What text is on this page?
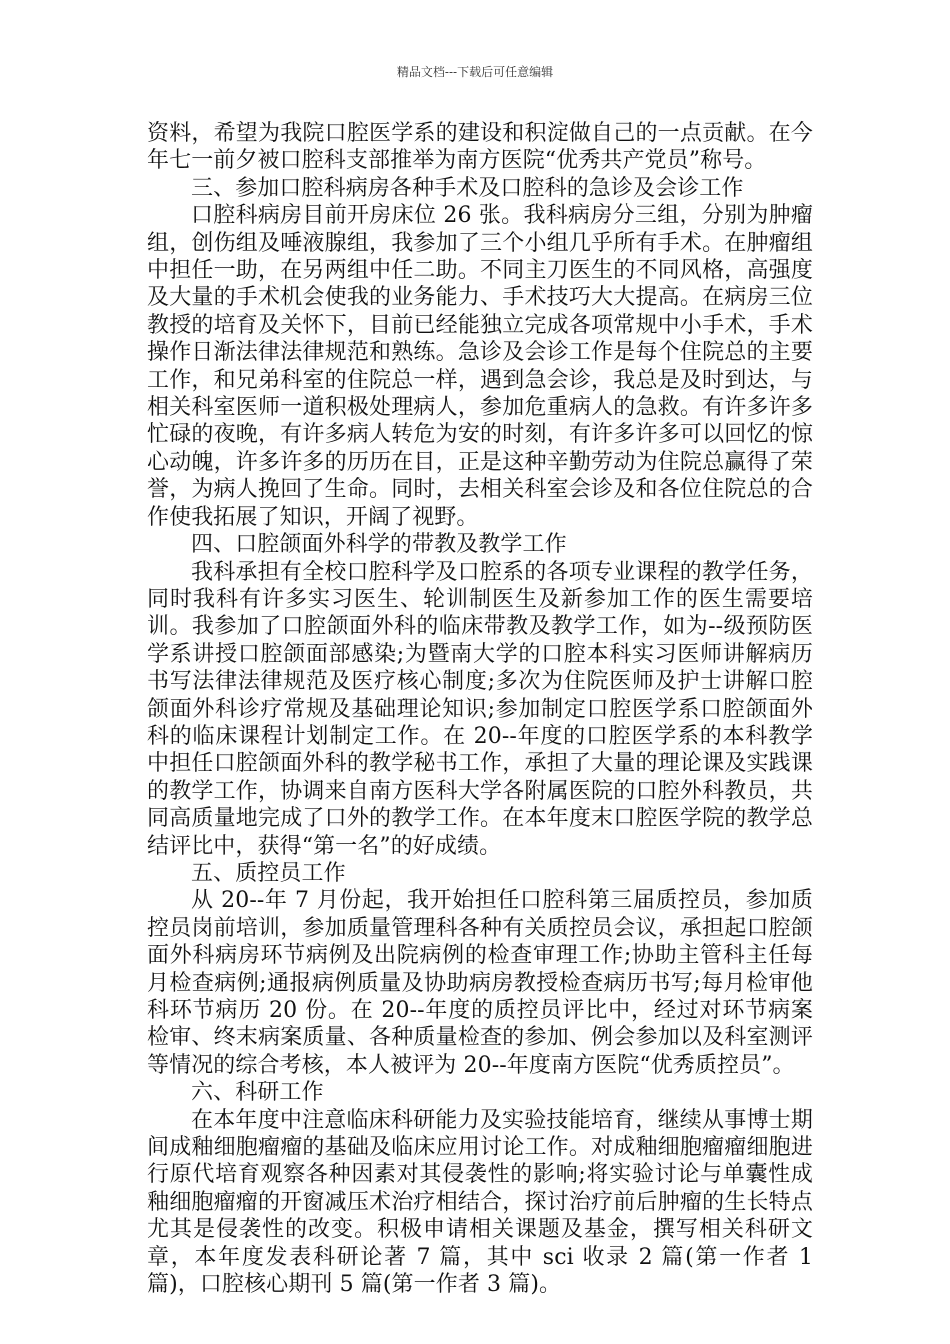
精品文档---下载后可任意编辑

资料，希望为我院口腔医学系的建设和积淀做自己的一点贡献。在今年七一前夕被口腔科支部推举为南方医院“优秀共产党员”称号。

三、参加口腔科病房各种手术及口腔科的急诊及会诊工作

口腔科病房目前开房床位 26 张。我科病房分三组，分别为肿瘤组，创伤组及唾液腺组，我参加了三个小组几乎所有手术。在肿瘤组中担任一助，在另两组中任二助。不同主刀医生的不同风格，高强度及大量的手术机会使我的业务能力、手术技巧大大提高。在病房三位教授的培育及关怀下，目前已经能独立完成各项常规中小手术，手术操作日渐法律法律规范和熟练。急诊及会诊工作是每个住院总的主要工作，和兄弟科室的住院总一样，遇到急会诊，我总是及时到达，与相关科室医师一道积极处理病人，参加危重病人的急救。有许多许多忙碌的夜晚，有许多病人转危为安的时刻，有许多许多可以回忆的惊心动魄，许多许多的历历在目，正是这种辛勤劳动为住院总赢得了荣誉，为病人挽回了生命。同时，去相关科室会诊及和各位住院总的合作使我拓展了知识，开阔了视野。

四、口腔颌面外科学的带教及教学工作

我科承担有全校口腔科学及口腔系的各项专业课程的教学任务，同时我科有许多实习医生、轮训制医生及新参加工作的医生需要培训。我参加了口腔颌面外科的临床带教及教学工作，如为--级预防医学系讲授口腔颌面部感染;为暨南大学的口腔本科实习医师讲解病历书写法律法律规范及医疗核心制度;多次为住院医师及护士讲解口腔颌面外科诊疗常规及基础理论知识;参加制定口腔医学系口腔颌面外科的临床课程计划制定工作。在 20--年度的口腔医学系的本科教学中担任口腔颌面外科的教学秘书工作，承担了大量的理论课及实践课的教学工作，协调来自南方医科大学各附属医院的口腔外科教员，共同高质量地完成了口外的教学工作。在本年度末口腔医学院的教学总结评比中，获得“第一名”的好成绩。

五、质控员工作

从 20--年 7 月份起，我开始担任口腔科第三届质控员，参加质控员岗前培训，参加质量管理科各种有关质控员会议，承担起口腔颌面外科病房环节病例及出院病例的检查审理工作;协助主管科主任每月检查病例;通报病例质量及协助病房教授检查病历书写;每月检审他科环节病历 20 份。在 20--年度的质控员评比中，经过对环节病案检审、终末病案质量、各种质量检查的参加、例会参加以及科室测评等情况的综合考核，本人被评为 20--年度南方医院“优秀质控员”。

六、科研工作

在本年度中注意临床科研能力及实验技能培育，继续从事博士期间成釉细胞瘤瘤的基础及临床应用讨论工作。对成釉细胞瘤瘤细胞进行原代培育观察各种因素对其侵袭性的影响;将实验讨论与单囊性成釉细胞瘤瘤的开窗减压术治疗相结合，探讨治疗前后肿瘤的生长特点尤其是侵袭性的改变。积极申请相关课题及基金，撰写相关科研文章，本年度发表科研论著 7 篇，其中 sci 收录 2 篇(第一作者 1 篇)，口腔核心期刊 5 篇(第一作者 3 篇)。
